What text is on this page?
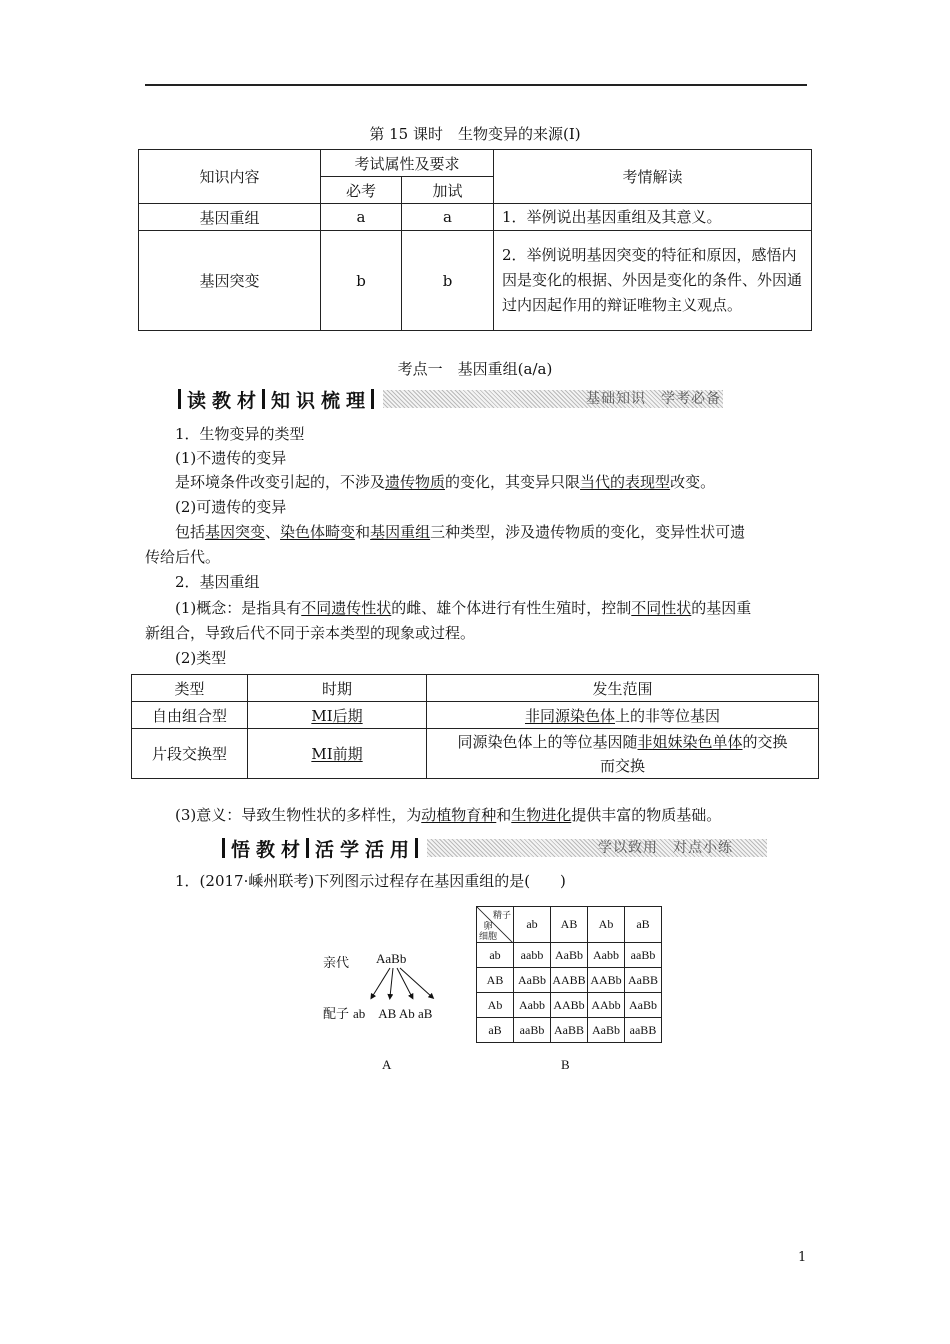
第 15 课时　生物变异的来源(Ⅰ)
知识内容	考试属性及要求		考情解读
	必考	加试	
基因重组	a	a	1．举例说出基因重组及其意义。
基因突变	b	b	2．举例说明基因突变的特征和原因，感悟内因是变化的根据、外因是变化的条件、外因通过内因起作用的辩证唯物主义观点。
考点一　基因重组(a/a)
读教材 知识梳理	基础知识　学考必备
1．生物变异的类型
(1)不遗传的变异
是环境条件改变引起的，不涉及遗传物质的变化，其变异只限当代的表现型改变。
(2)可遗传的变异
包括基因突变、染色体畸变和基因重组三种类型，涉及遗传物质的变化，变异性状可遗
传给后代。
2．基因重组
(1)概念：是指具有不同遗传性状的雌、雄个体进行有性生殖时，控制不同性状的基因重
新组合，导致后代不同于亲本类型的现象或过程。
(2)类型
类型	时期	发生范围
自由组合型	MⅠ后期	非同源染色体上的非等位基因
片段交换型	MⅠ前期	同源染色体上的等位基因随非姐妹染色单体的交换
而交换
(3)意义：导致生物性状的多样性，为动植物育种和生物进化提供丰富的物质基础。
悟教材 活学活用	学以致用　对点小练
1．(2017·嵊州联考)下列图示过程存在基因重组的是(　　)
亲代 AaBb
配子 ab　AB Ab aB
A
精子
卵
细胞	ab	AB	Ab	aB
ab	aabb	AaBb	Aabb	aaBb
AB	AaBb	AABB	AABb	AaBB
Ab	Aabb	AABb	AAbb	AaBb
aB	aaBb	AaBB	AaBb	aaBB
B
1
